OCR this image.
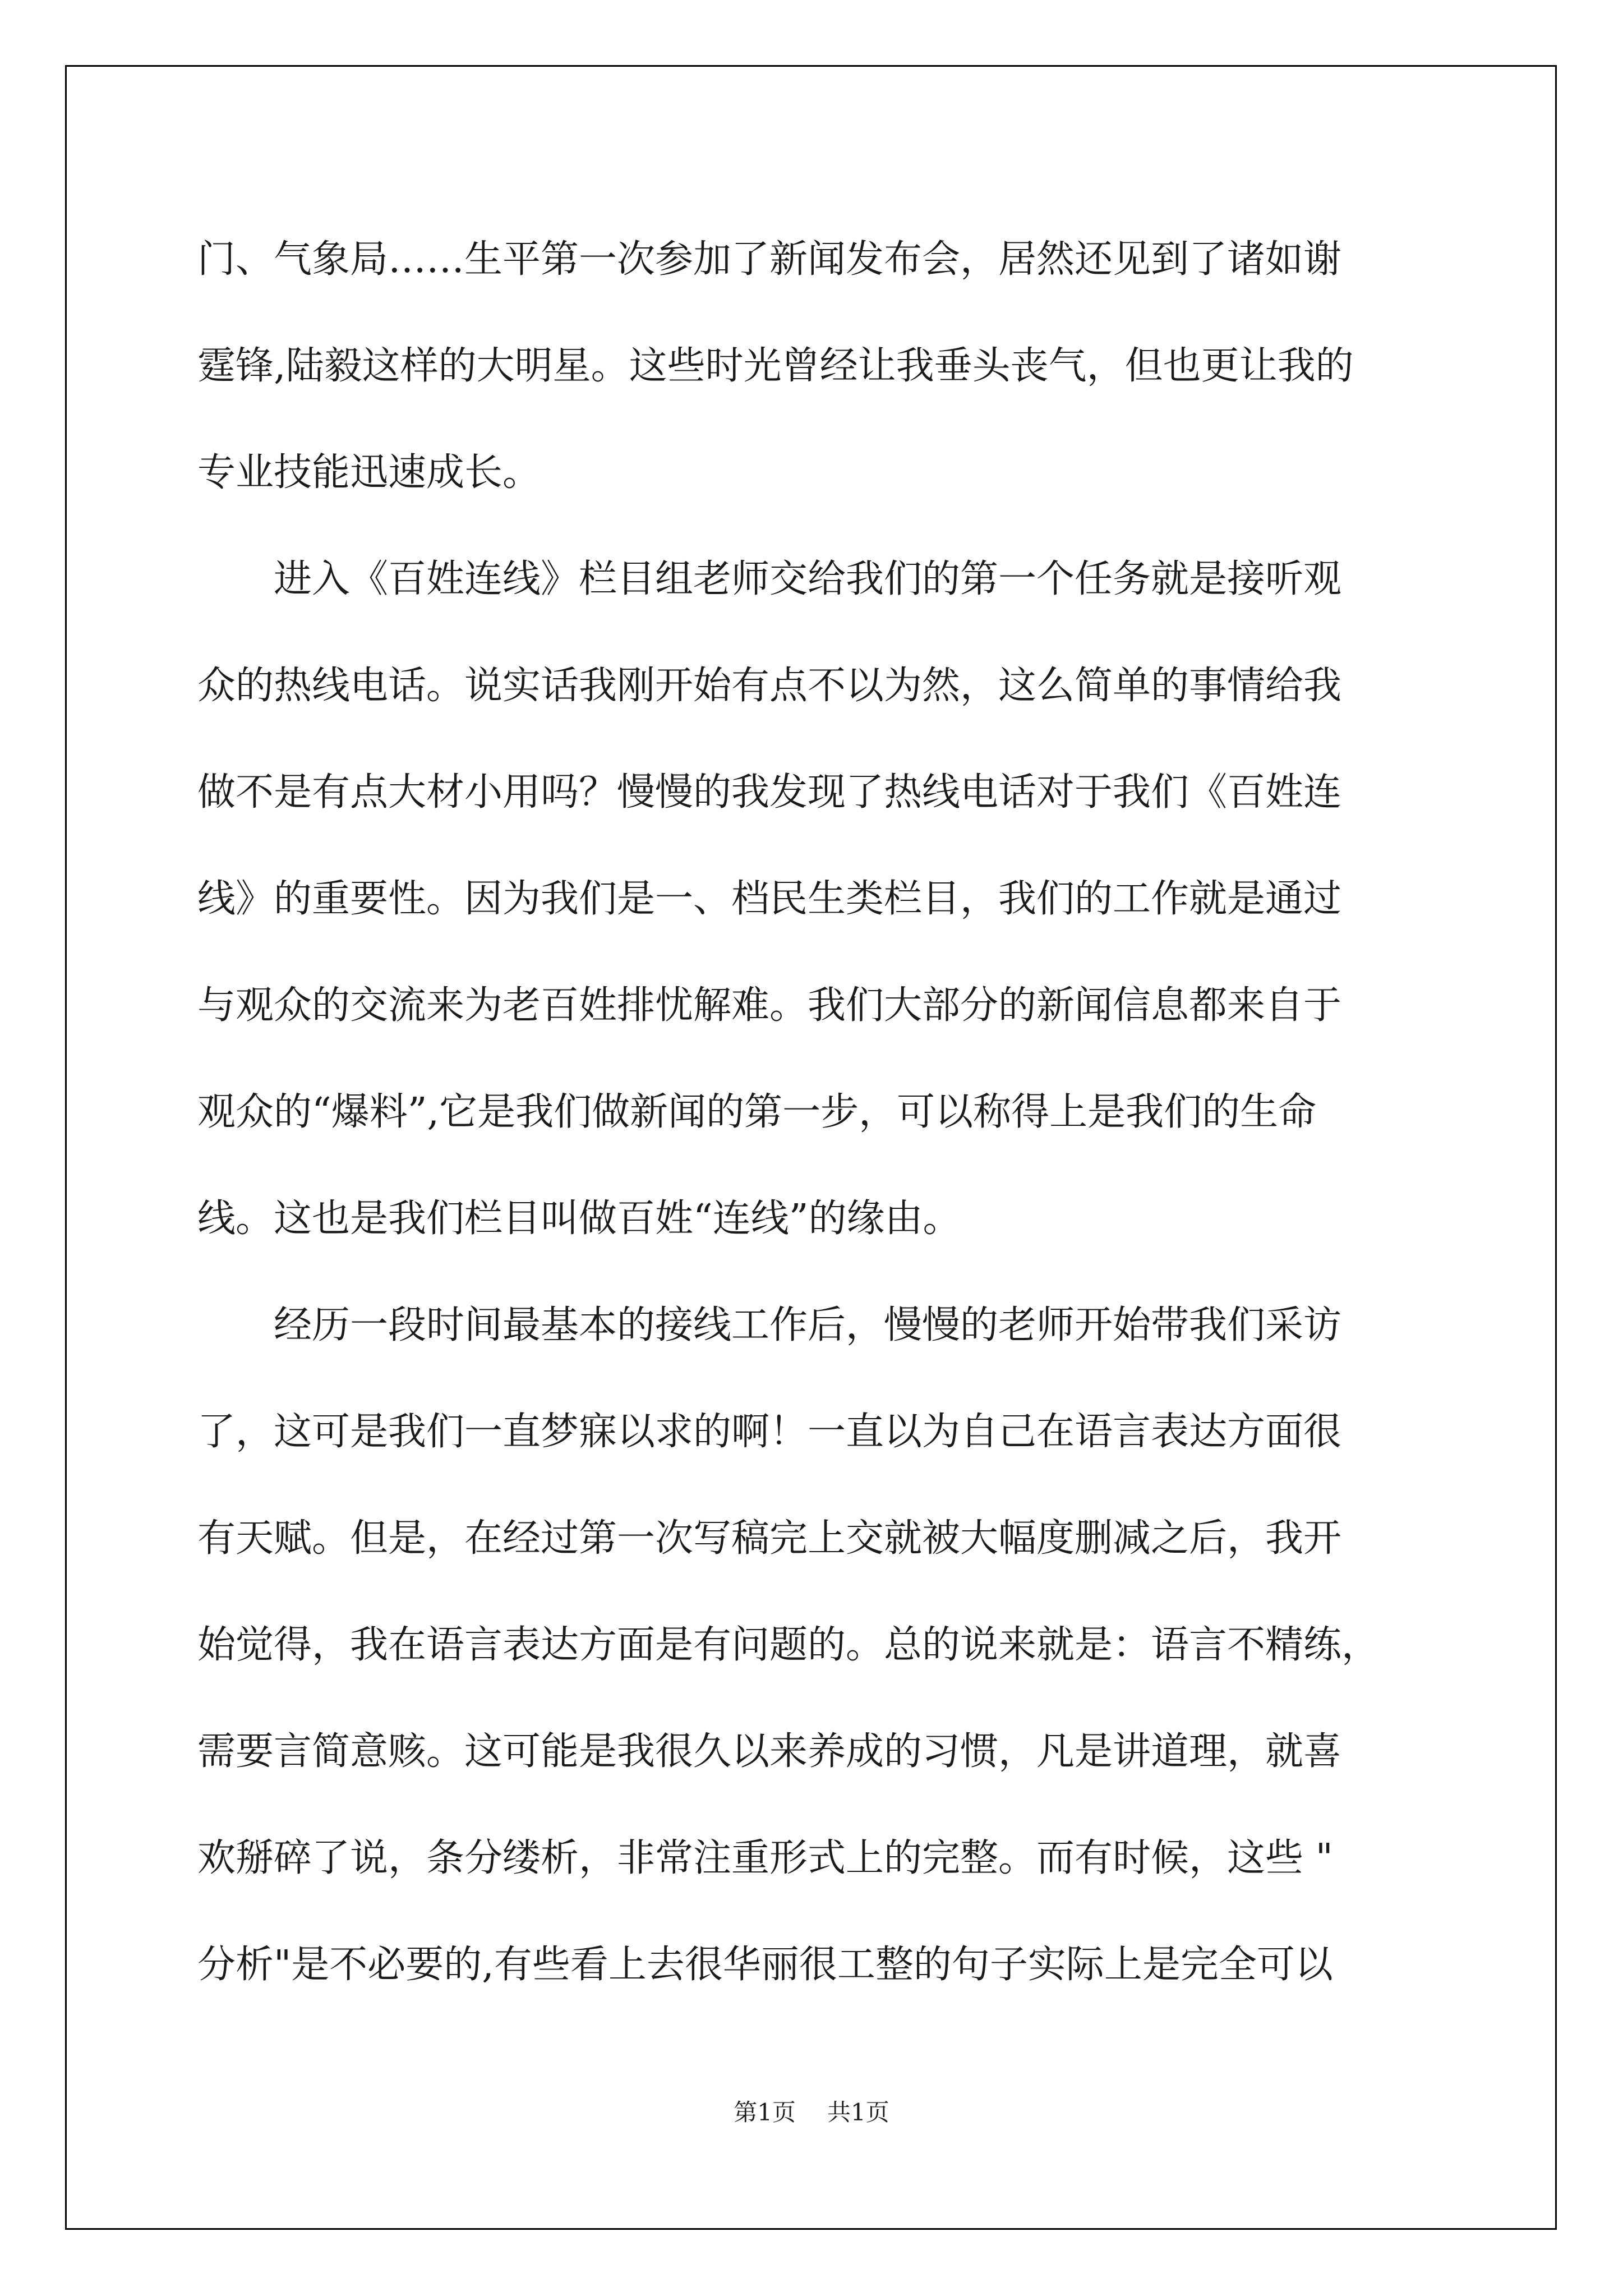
门、气象局……生平第一次参加了新闻发布会，居然还见到了诸如谢
霆锋,陆毅这样的大明星。这些时光曾经让我垂头丧气，但也更让我的
专业技能迅速成长。
　　进入《百姓连线》栏目组老师交给我们的第一个任务就是接听观
众的热线电话。说实话我刚开始有点不以为然，这么简单的事情给我
做不是有点大材小用吗？慢慢的我发现了热线电话对于我们《百姓连
线》的重要性。因为我们是一、档民生类栏目，我们的工作就是通过
与观众的交流来为老百姓排忧解难。我们大部分的新闻信息都来自于
观众的“爆料”,它是我们做新闻的第一步，可以称得上是我们的生命
线。这也是我们栏目叫做百姓“连线”的缘由。
　　经历一段时间最基本的接线工作后，慢慢的老师开始带我们采访
了，这可是我们一直梦寐以求的啊！一直以为自己在语言表达方面很
有天赋。但是，在经过第一次写稿完上交就被大幅度删减之后，我开
始觉得，我在语言表达方面是有问题的。总的说来就是：语言不精练，
需要言简意赅。这可能是我很久以来养成的习惯，凡是讲道理，就喜
欢掰碎了说，条分缕析，非常注重形式上的完整。而有时候，这些 "
分析"是不必要的,有些看上去很华丽很工整的句子实际上是完全可以
第1页 共1页
